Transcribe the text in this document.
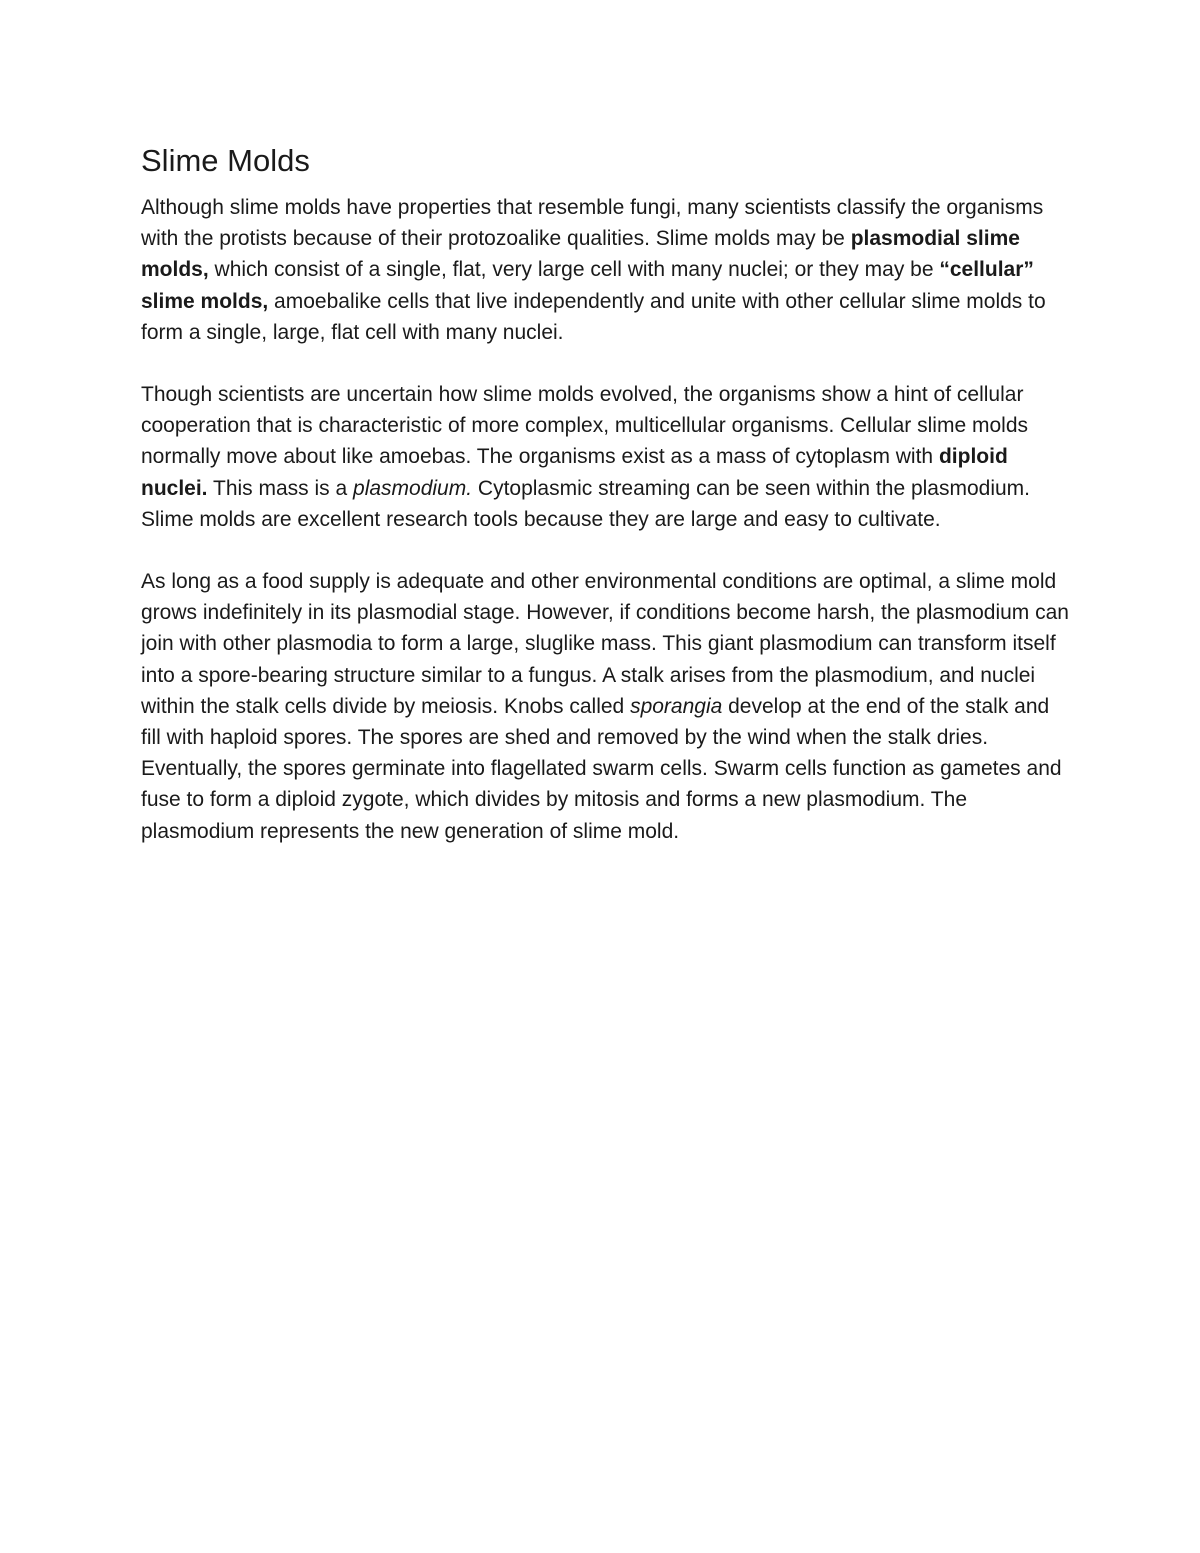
Slime Molds

Although slime molds have properties that resemble fungi, many scientists classify the organisms with the protists because of their protozoalike qualities. Slime molds may be plasmodial slime molds, which consist of a single, flat, very large cell with many nuclei; or they may be “cellular” slime molds, amoebalike cells that live independently and unite with other cellular slime molds to form a single, large, flat cell with many nuclei.

Though scientists are uncertain how slime molds evolved, the organisms show a hint of cellular cooperation that is characteristic of more complex, multicellular organisms. Cellular slime molds normally move about like amoebas. The organisms exist as a mass of cytoplasm with diploid nuclei. This mass is a plasmodium. Cytoplasmic streaming can be seen within the plasmodium. Slime molds are excellent research tools because they are large and easy to cultivate.

As long as a food supply is adequate and other environmental conditions are optimal, a slime mold grows indefinitely in its plasmodial stage. However, if conditions become harsh, the plasmodium can join with other plasmodia to form a large, sluglike mass. This giant plasmodium can transform itself into a spore-bearing structure similar to a fungus. A stalk arises from the plasmodium, and nuclei within the stalk cells divide by meiosis. Knobs called sporangia develop at the end of the stalk and fill with haploid spores. The spores are shed and removed by the wind when the stalk dries. Eventually, the spores germinate into flagellated swarm cells. Swarm cells function as gametes and fuse to form a diploid zygote, which divides by mitosis and forms a new plasmodium. The plasmodium represents the new generation of slime mold.
